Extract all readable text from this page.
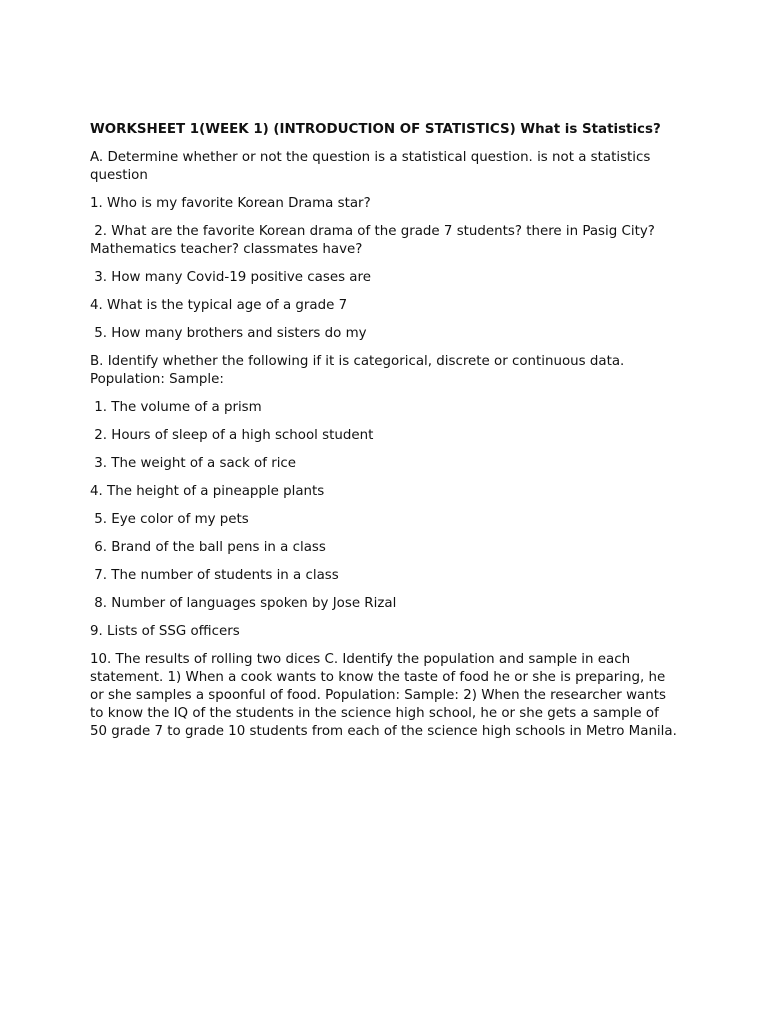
WORKSHEET 1(WEEK 1) (INTRODUCTION OF STATISTICS) What is Statistics?

A. Determine whether or not the question is a statistical question. is not a statistics question

1. Who is my favorite Korean Drama star?

2. What are the favorite Korean drama of the grade 7 students? there in Pasig City? Mathematics teacher? classmates have?

3. How many Covid-19 positive cases are

4. What is the typical age of a grade 7

5. How many brothers and sisters do my

B. Identify whether the following if it is categorical, discrete or continuous data. Population: Sample:

1. The volume of a prism

2. Hours of sleep of a high school student

3. The weight of a sack of rice

4. The height of a pineapple plants

5. Eye color of my pets

6. Brand of the ball pens in a class

7. The number of students in a class

8. Number of languages spoken by Jose Rizal

9. Lists of SSG officers

10. The results of rolling two dices C. Identify the population and sample in each statement. 1) When a cook wants to know the taste of food he or she is preparing, he or she samples a spoonful of food. Population: Sample: 2) When the researcher wants to know the IQ of the students in the science high school, he or she gets a sample of 50 grade 7 to grade 10 students from each of the science high schools in Metro Manila.
